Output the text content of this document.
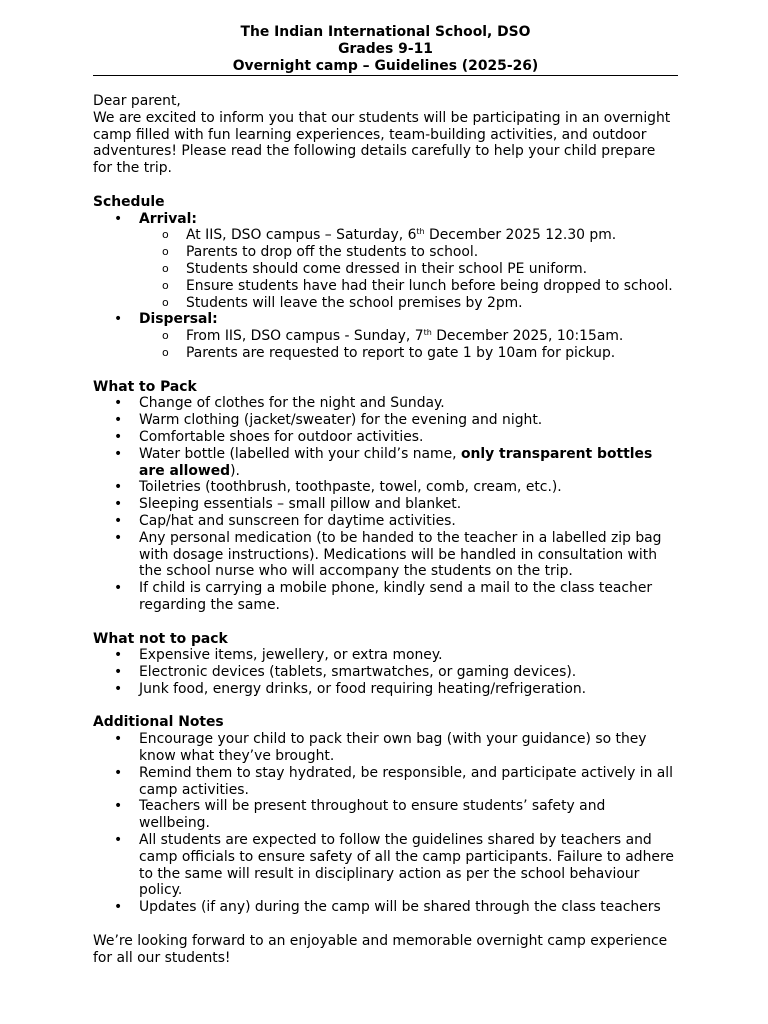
The Indian International School, DSO
Grades 9-11
Overnight camp – Guidelines (2025-26)

Dear parent,

We are excited to inform you that our students will be participating in an overnight camp filled with fun learning experiences, team-building activities, and outdoor adventures! Please read the following details carefully to help your child prepare for the trip.

Schedule
• Arrival:
o At IIS, DSO campus – Saturday, 6th December 2025 12.30 pm.
o Parents to drop off the students to school.
o Students should come dressed in their school PE uniform.
o Ensure students have had their lunch before being dropped to school.
o Students will leave the school premises by 2pm.
• Dispersal:
o From IIS, DSO campus - Sunday, 7th December 2025, 10:15am.
o Parents are requested to report to gate 1 by 10am for pickup.
What to Pack
• Change of clothes for the night and Sunday.
• Warm clothing (jacket/sweater) for the evening and night.
• Comfortable shoes for outdoor activities.
• Water bottle (labelled with your child’s name, only transparent bottles are allowed).
• Toiletries (toothbrush, toothpaste, towel, comb, cream, etc.).
• Sleeping essentials – small pillow and blanket.
• Cap/hat and sunscreen for daytime activities.
• Any personal medication (to be handed to the teacher in a labelled zip bag with dosage instructions). Medications will be handled in consultation with the school nurse who will accompany the students on the trip.
• If child is carrying a mobile phone, kindly send a mail to the class teacher regarding the same.
What not to pack
• Expensive items, jewellery, or extra money.
• Electronic devices (tablets, smartwatches, or gaming devices).
• Junk food, energy drinks, or food requiring heating/refrigeration.
Additional Notes
• Encourage your child to pack their own bag (with your guidance) so they know what they’ve brought.
• Remind them to stay hydrated, be responsible, and participate actively in all camp activities.
• Teachers will be present throughout to ensure students’ safety and wellbeing.
• All students are expected to follow the guidelines shared by teachers and camp officials to ensure safety of all the camp participants. Failure to adhere to the same will result in disciplinary action as per the school behaviour policy.
• Updates (if any) during the camp will be shared through the class teachers

We’re looking forward to an enjoyable and memorable overnight camp experience for all our students!
